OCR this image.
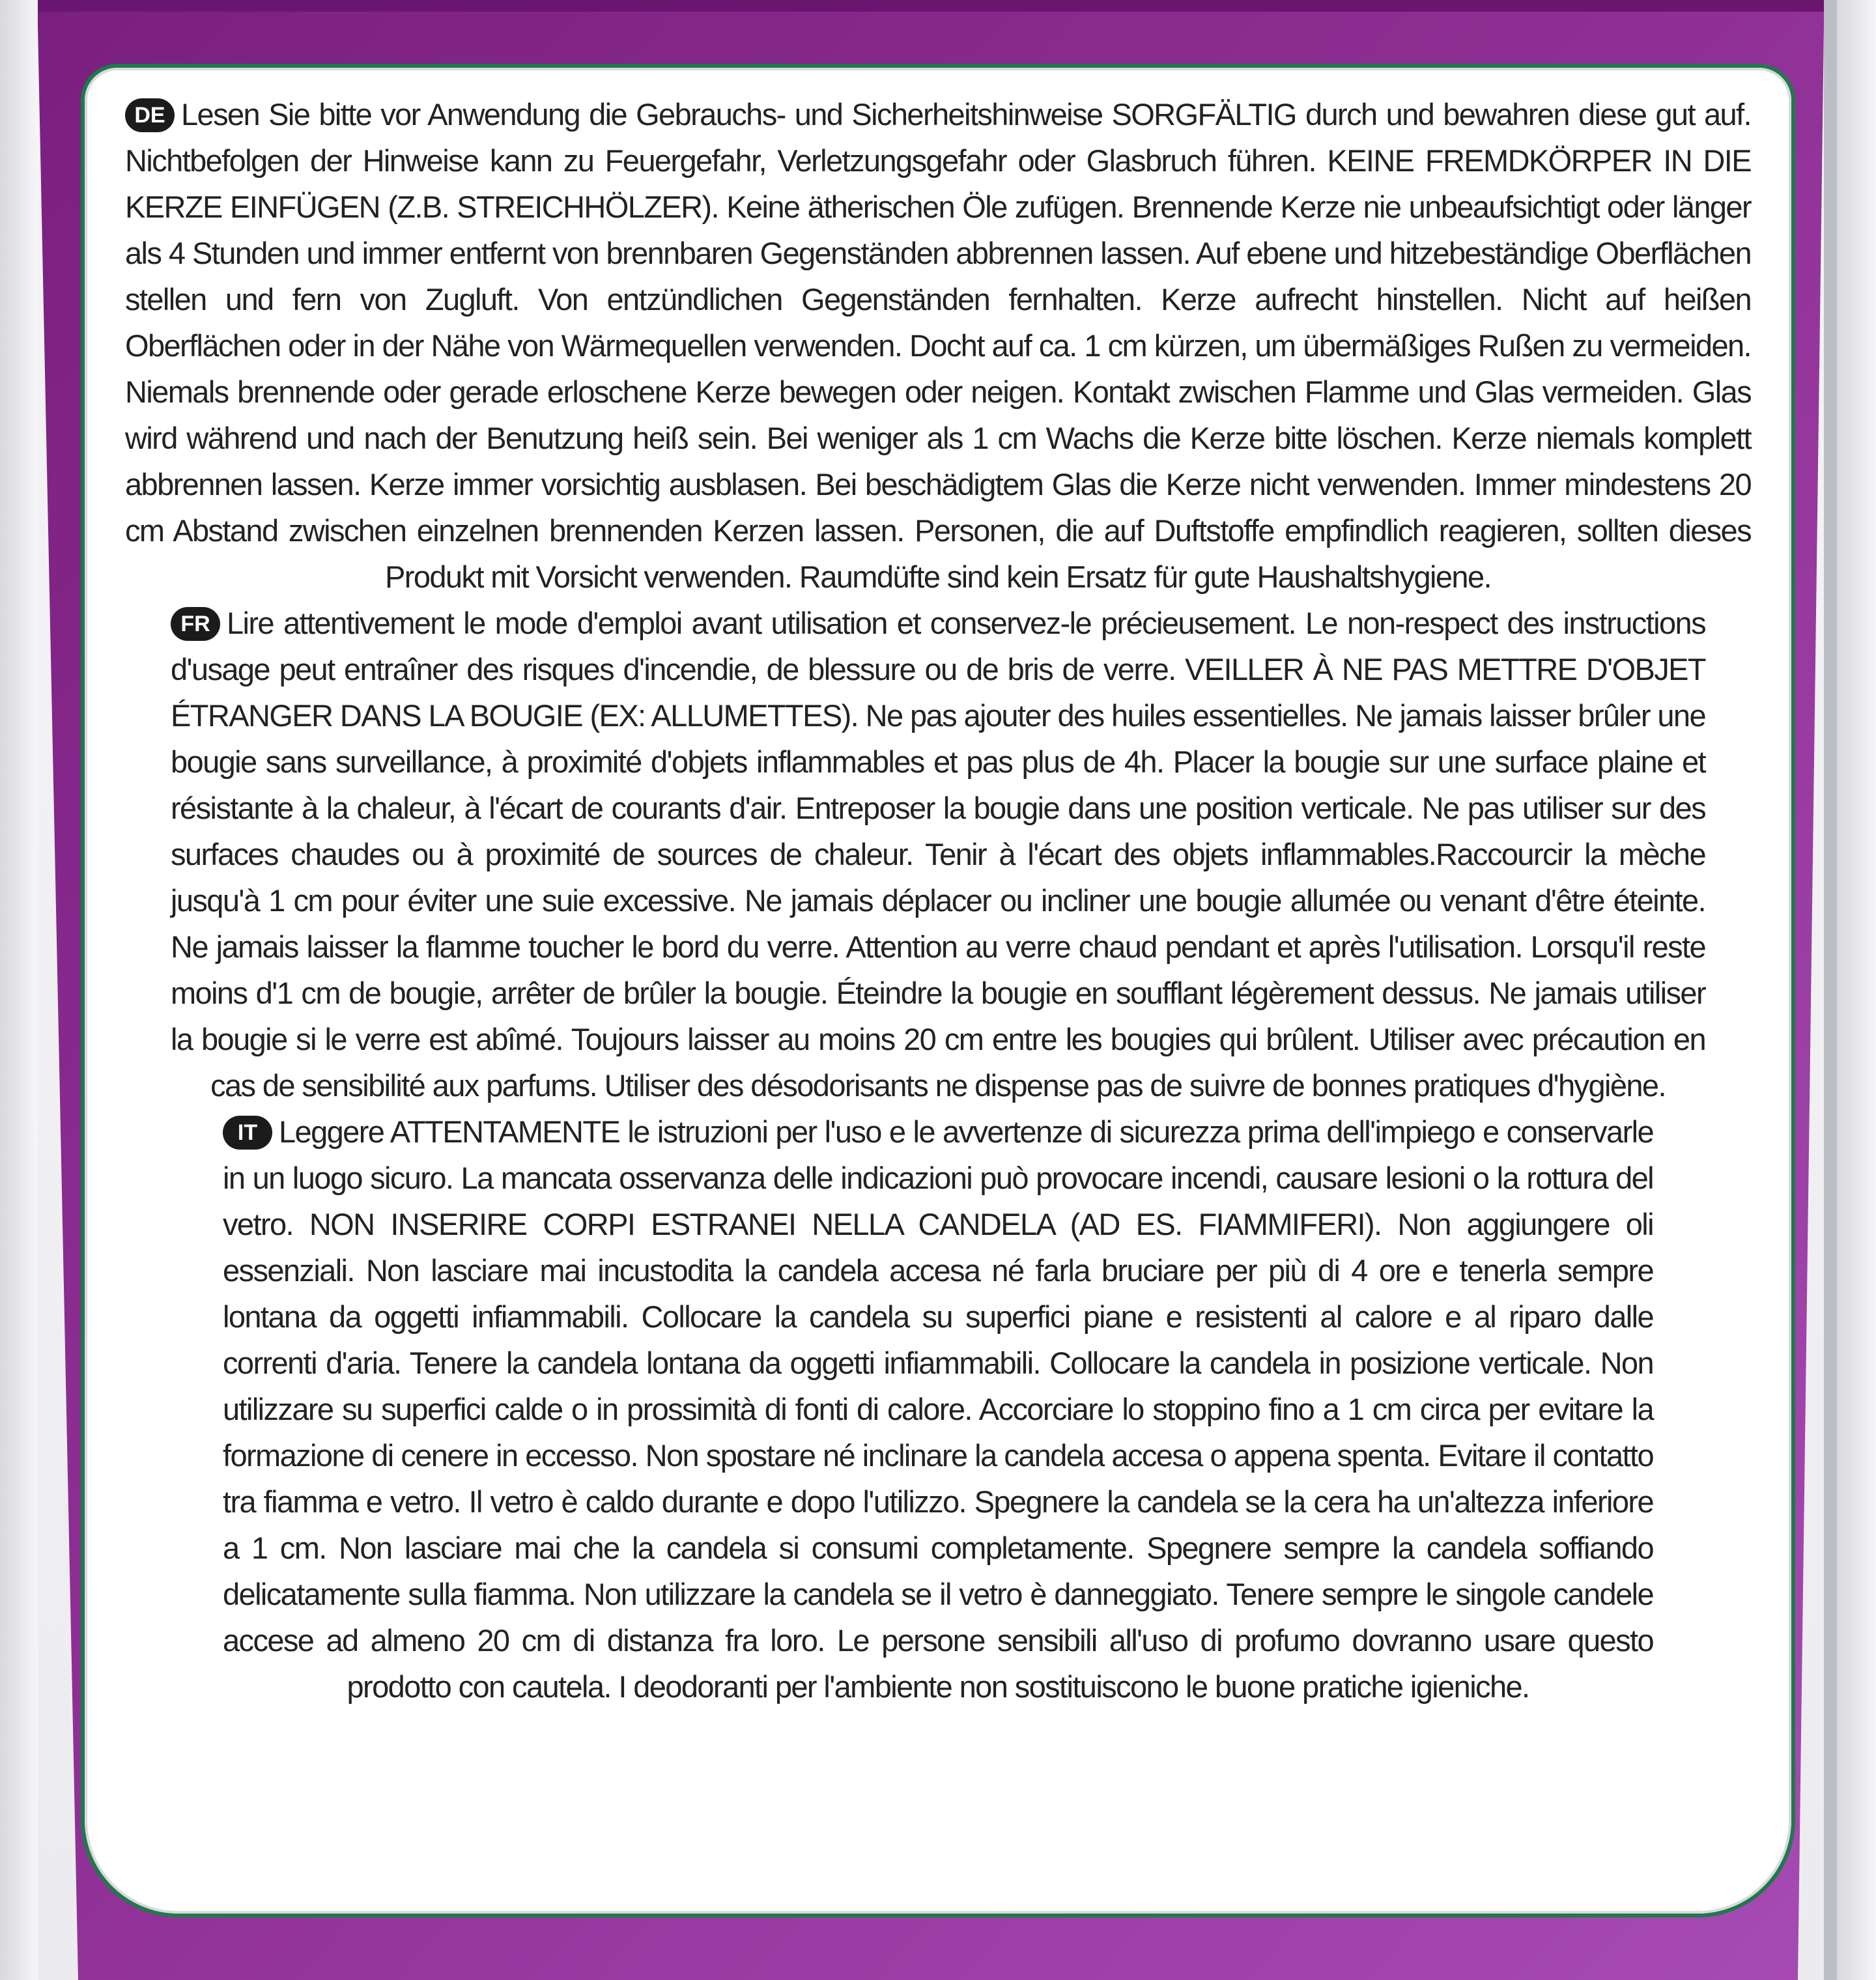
DE Lesen Sie bitte vor Anwendung die Gebrauchs- und Sicherheitshinweise SORGFÄLTIG durch und bewahren diese gut auf. Nichtbefolgen der Hinweise kann zu Feuergefahr, Verletzungsgefahr oder Glasbruch führen. KEINE FREMDKÖRPER IN DIE KERZE EINFÜGEN (Z.B. STREICHHÖLZER). Keine ätherischen Öle zufügen. Brennende Kerze nie unbeaufsichtigt oder länger als 4 Stunden und immer entfernt von brennbaren Gegenständen abbrennen lassen. Auf ebene und hitzebeständige Oberflächen stellen und fern von Zugluft. Von entzündlichen Gegenständen fernhalten. Kerze aufrecht hinstellen. Nicht auf heißen Oberflächen oder in der Nähe von Wärmequellen verwenden. Docht auf ca. 1 cm kürzen, um übermäßiges Rußen zu vermeiden. Niemals brennende oder gerade erloschene Kerze bewegen oder neigen. Kontakt zwischen Flamme und Glas vermeiden. Glas wird während und nach der Benutzung heiß sein. Bei weniger als 1 cm Wachs die Kerze bitte löschen. Kerze niemals komplett abbrennen lassen. Kerze immer vorsichtig ausblasen. Bei beschädigtem Glas die Kerze nicht verwenden. Immer mindestens 20 cm Abstand zwischen einzelnen brennenden Kerzen lassen. Personen, die auf Duftstoffe empfindlich reagieren, sollten dieses Produkt mit Vorsicht verwenden. Raumdüfte sind kein Ersatz für gute Haushaltshygiene.

FR Lire attentivement le mode d'emploi avant utilisation et conservez-le précieusement. Le non-respect des instructions d'usage peut entraîner des risques d'incendie, de blessure ou de bris de verre. VEILLER À NE PAS METTRE D'OBJET ÉTRANGER DANS LA BOUGIE (EX: ALLUMETTES). Ne pas ajouter des huiles essentielles. Ne jamais laisser brûler une bougie sans surveillance, à proximité d'objets inflammables et pas plus de 4h. Placer la bougie sur une surface plaine et résistante à la chaleur, à l'écart de courants d'air. Entreposer la bougie dans une position verticale. Ne pas utiliser sur des surfaces chaudes ou à proximité de sources de chaleur. Tenir à l'écart des objets inflammables.Raccourcir la mèche jusqu'à 1 cm pour éviter une suie excessive. Ne jamais déplacer ou incliner une bougie allumée ou venant d'être éteinte. Ne jamais laisser la flamme toucher le bord du verre. Attention au verre chaud pendant et après l'utilisation. Lorsqu'il reste moins d'1 cm de bougie, arrêter de brûler la bougie. Éteindre la bougie en soufflant légèrement dessus. Ne jamais utiliser la bougie si le verre est abîmé. Toujours laisser au moins 20 cm entre les bougies qui brûlent. Utiliser avec précaution en cas de sensibilité aux parfums. Utiliser des désodorisants ne dispense pas de suivre de bonnes pratiques d'hygiène.

IT Leggere ATTENTAMENTE le istruzioni per l'uso e le avvertenze di sicurezza prima dell'impiego e conservarle in un luogo sicuro. La mancata osservanza delle indicazioni può provocare incendi, causare lesioni o la rottura del vetro. NON INSERIRE CORPI ESTRANEI NELLA CANDELA (AD ES. FIAMMIFERI). Non aggiungere oli essenziali. Non lasciare mai incustodita la candela accesa né farla bruciare per più di 4 ore e tenerla sempre lontana da oggetti infiammabili. Collocare la candela su superfici piane e resistenti al calore e al riparo dalle correnti d'aria. Tenere la candela lontana da oggetti infiammabili. Collocare la candela in posizione verticale. Non utilizzare su superfici calde o in prossimità di fonti di calore. Accorciare lo stoppino fino a 1 cm circa per evitare la formazione di cenere in eccesso. Non spostare né inclinare la candela accesa o appena spenta. Evitare il contatto tra fiamma e vetro. Il vetro è caldo durante e dopo l'utilizzo. Spegnere la candela se la cera ha un'altezza inferiore a 1 cm. Non lasciare mai che la candela si consumi completamente. Spegnere sempre la candela soffiando delicatamente sulla fiamma. Non utilizzare la candela se il vetro è danneggiato. Tenere sempre le singole candele accese ad almeno 20 cm di distanza fra loro. Le persone sensibili all'uso di profumo dovranno usare questo prodotto con cautela. I deodoranti per l'ambiente non sostituiscono le buone pratiche igieniche.
